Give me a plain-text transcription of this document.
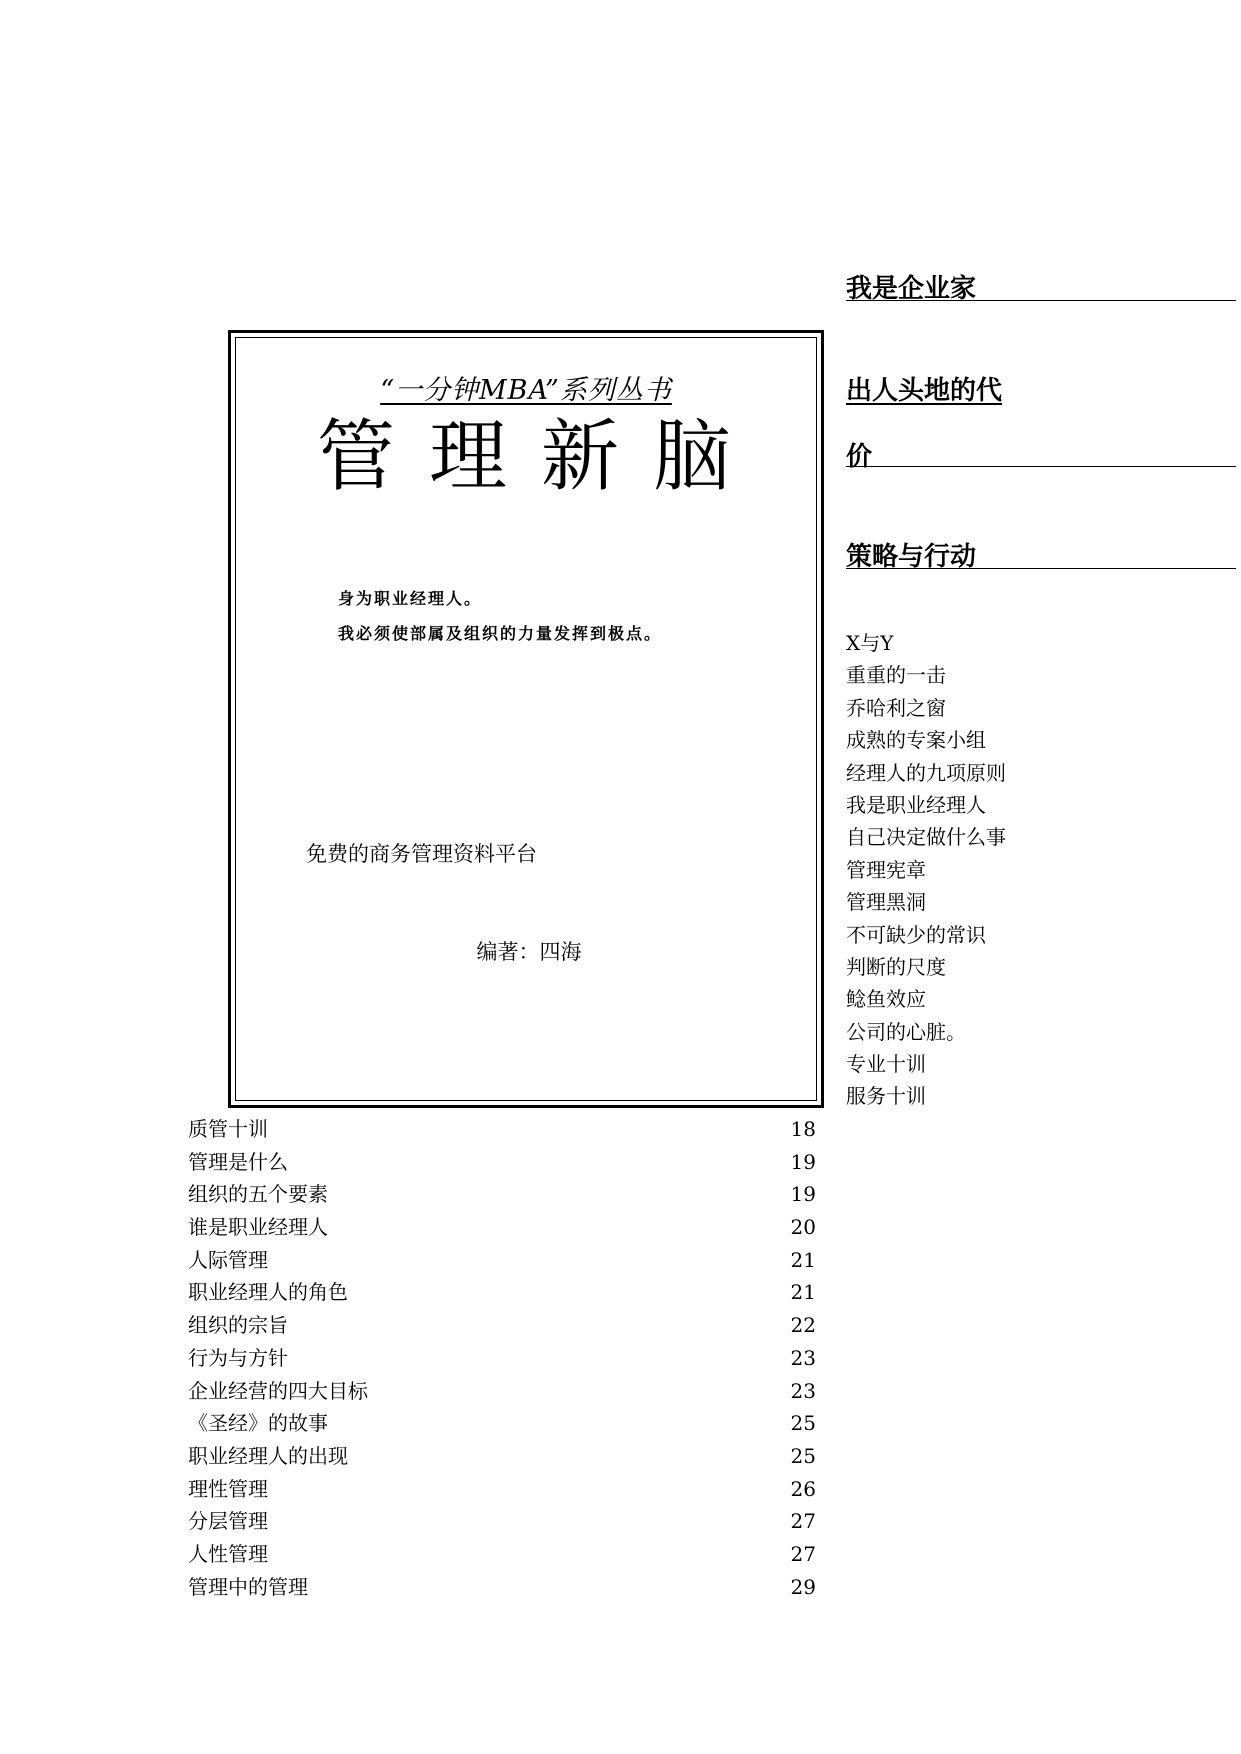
“一分钟MBA”系列丛书
管理新脑
身为职业经理人。
我必须使部属及组织的力量发挥到极点。
免费的商务管理资料平台
编著：四海
我是企业家
出人头地的代
价
策略与行动
X与Y
重重的一击
乔哈利之窗
成熟的专案小组
经理人的九项原则
我是职业经理人
自己决定做什么事
管理宪章
管理黑洞
不可缺少的常识
判断的尺度
鲶鱼效应
公司的心脏。
专业十训
服务十训
质管十训	18
管理是什么	19
组织的五个要素	19
谁是职业经理人	20
人际管理	21
职业经理人的角色	21
组织的宗旨	22
行为与方针	23
企业经营的四大目标	23
《圣经》的故事	25
职业经理人的出现	25
理性管理	26
分层管理	27
人性管理	27
管理中的管理	29
